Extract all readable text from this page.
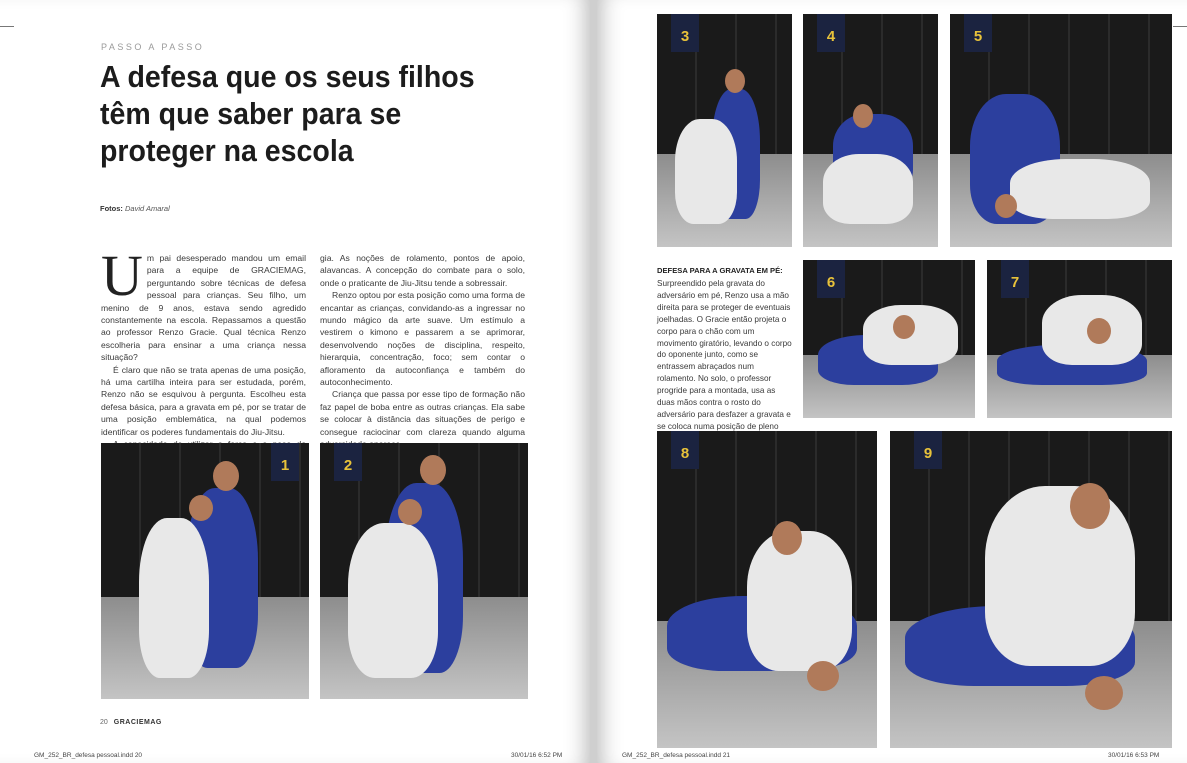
PASSO A PASSO
A defesa que os seus filhos têm que saber para se proteger na escola
Fotos: David Amaral
U m pai desesperado mandou um email para a equipe de GRACIEMAG, perguntando sobre técnicas de defesa pessoal para crianças. Seu filho, um menino de 9 anos, estava sendo agredido constantemente na escola. Repassamos a questão ao professor Renzo Gracie. Qual técnica Renzo escolheria para ensinar a uma criança nessa situação?

É claro que não se trata apenas de uma posição, há uma cartilha inteira para ser estudada, porém, Renzo não se esquivou à pergunta. Escolheu esta defesa básica, para a gravata em pé, por se tratar de uma posição emblemática, na qual podemos identificar os poderes fundamentais do Jiu-Jitsu.

gia. As noções de rolamento, pontos de apoio, alavancas. A concepção do combate para o solo, onde o praticante de Jiu-Jitsu tende a sobressair.

Renzo optou por esta posição como uma forma de encantar as crianças, convidando-as a ingressar no mundo mágico da arte suave. Um estímulo a vestirem o kimono e passarem a se aprimorar, desenvolvendo noções de disciplina, respeito, hierarquia, concentração, foco; sem contar o afloramento da autoconfiança e também do autoconhecimento.

Criança que passa por esse tipo de formação não faz papel de boba entre as outras crianças. Ela sabe se colocar à distância das situações de perigo e consegue raciocinar com clareza quando alguma

1	2
20 GRACIEMAG
GM_252_BR_defesa pessoal.indd 20	30/01/16 6:52 PM
3	4	5
DEFESA PARA A GRAVATA EM PÉ:

Surpreendido pela gravata do adversário em pé, Renzo usa a mão direita para se proteger de eventuais joelhadas. O Gracie então projeta o corpo para o chão com um movimento giratório, levando o corpo do oponente junto, como se entrassem abraçados num rolamento. No solo, o professor progride para a montada, usa as duas mãos contra o rosto do adversário para desfazer a gravata e se coloca numa posição de pleno

6	7
8	9
GM_252_BR_defesa pessoal.indd 21	30/01/16 6:53 PM
